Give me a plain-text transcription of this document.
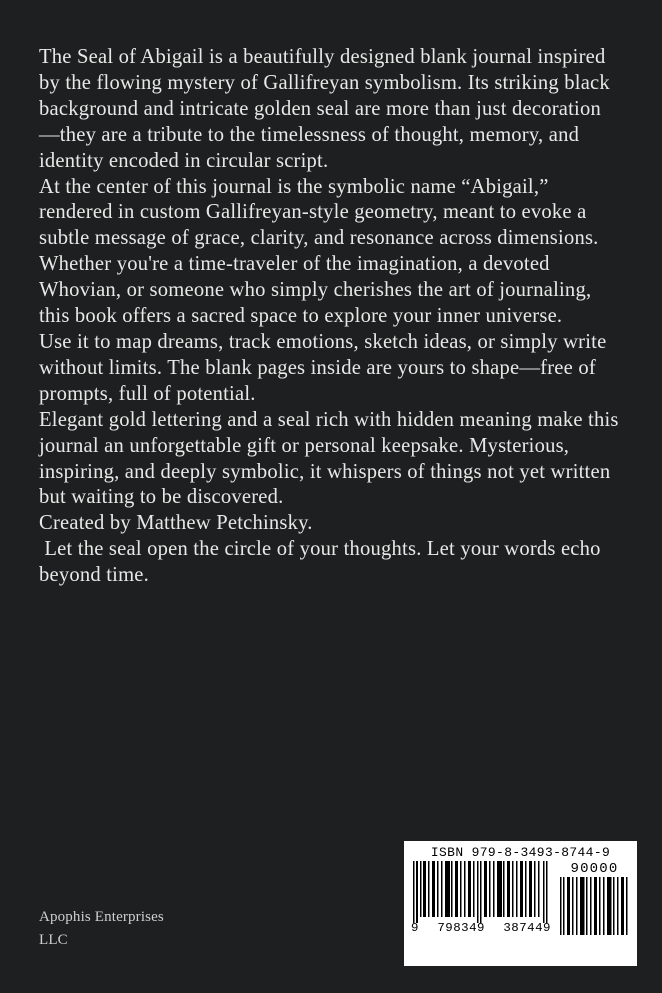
The Seal of Abigail is a beautifully designed blank journal inspired by the flowing mystery of Gallifreyan symbolism. Its striking black background and intricate golden seal are more than just decoration—they are a tribute to the timelessness of thought, memory, and identity encoded in circular script.

At the center of this journal is the symbolic name “Abigail,” rendered in custom Gallifreyan-style geometry, meant to evoke a subtle message of grace, clarity, and resonance across dimensions. Whether you're a time-traveler of the imagination, a devoted Whovian, or someone who simply cherishes the art of journaling, this book offers a sacred space to explore your inner universe.

Use it to map dreams, track emotions, sketch ideas, or simply write without limits. The blank pages inside are yours to shape—free of prompts, full of potential.

Elegant gold lettering and a seal rich with hidden meaning make this journal an unforgettable gift or personal keepsake. Mysterious, inspiring, and deeply symbolic, it whispers of things not yet written but waiting to be discovered.

Created by Matthew Petchinsky.

Let the seal open the circle of your thoughts. Let your words echo beyond time.

Apophis Enterprises

LLC

ISBN 979-8-3493-8744-9
9 798349 387449
90000
